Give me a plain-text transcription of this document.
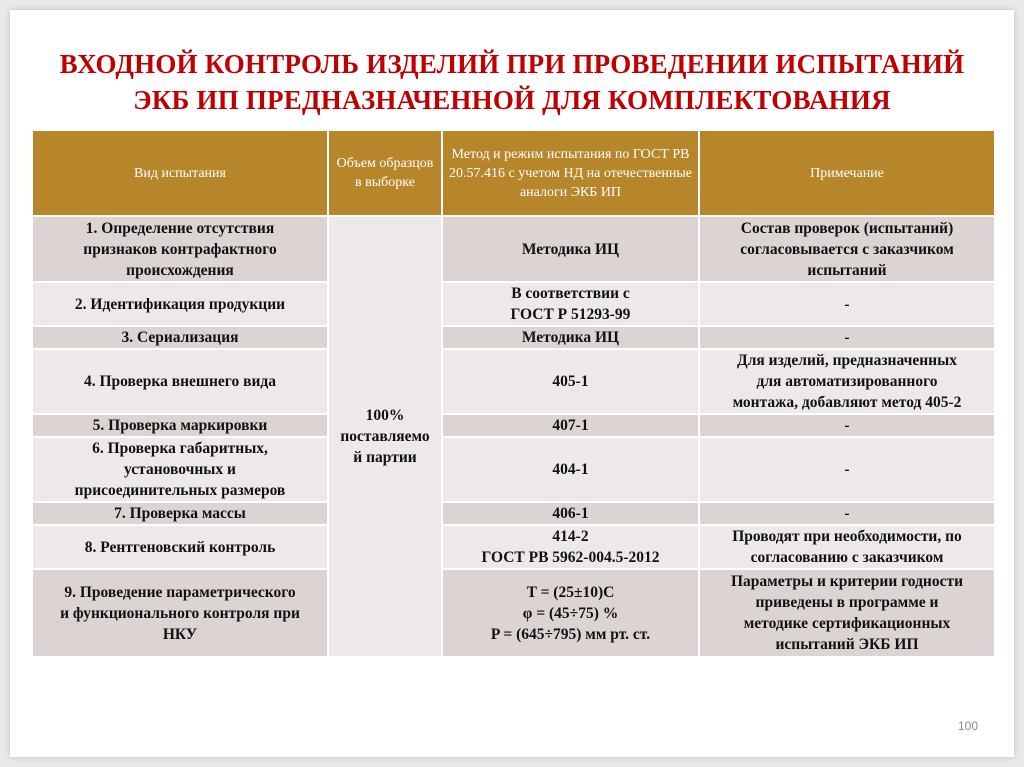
ВХОДНОЙ КОНТРОЛЬ ИЗДЕЛИЙ ПРИ ПРОВЕДЕНИИ ИСПЫТАНИЙ
ЭКБ ИП ПРЕДНАЗНАЧЕННОЙ ДЛЯ КОМПЛЕКТОВАНИЯ
Вид испытания	Объем образцов в выборке	Метод и режим испытания по ГОСТ РВ 20.57.416 с учетом НД на отечественные аналоги ЭКБ ИП	Примечание
1. Определение отсутствия
признаков контрафактного
происхождения	100%
поставляемо
й партии	Методика ИЦ	Состав проверок (испытаний)
согласовывается с заказчиком
испытаний
2. Идентификация продукции		В соответствии с
ГОСТ Р 51293-99	-
3. Сериализация		Методика ИЦ	-
4. Проверка внешнего вида		405-1	Для изделий, предназначенных
для автоматизированного
монтажа, добавляют метод 405-2
5. Проверка маркировки		407-1	-
6. Проверка габаритных,
установочных и
присоединительных размеров		404-1	-
7. Проверка массы		406-1	-
8. Рентгеновский контроль		414-2
ГОСТ РВ 5962-004.5-2012	Проводят при необходимости, по
согласованию с заказчиком
9. Проведение параметрического
и функционального контроля при
НКУ		T = (25±10)C
φ = (45÷75) %
P = (645÷795) мм рт. ст.	Параметры и критерии годности
приведены в программе и
методике сертификационных
испытаний ЭКБ ИП
100
